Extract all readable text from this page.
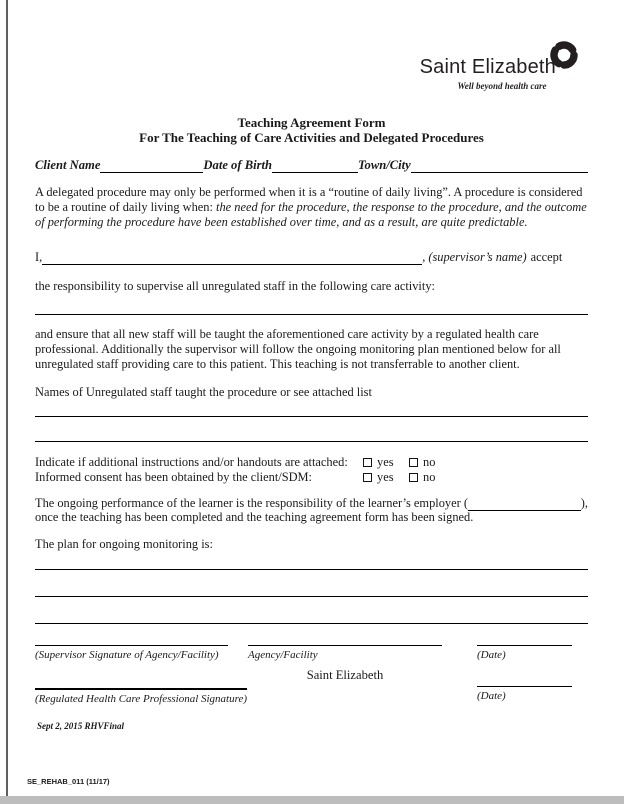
Saint Elizabeth
Well beyond health care
Teaching Agreement Form
For The Teaching of Care Activities and Delegated Procedures
Client Name	Date of Birth	Town/City
A delegated procedure may only be performed when it is a “routine of daily living”. A procedure is considered to be a routine of daily living when: the need for the procedure, the response to the procedure, and the outcome of performing the procedure have been established over time, and as a result, are quite predictable.
I,	, (supervisor’s name) accept
the responsibility to supervise all unregulated staff in the following care activity:
and ensure that all new staff will be taught the aforementioned care activity by a regulated health care professional. Additionally the supervisor will follow the ongoing monitoring plan mentioned below for all unregulated staff providing care to this patient. This teaching is not transferrable to another client.
Names of Unregulated staff taught the procedure or see attached list
Indicate if additional instructions and/or handouts are attached:	yes	no
Informed consent has been obtained by the client/SDM:	yes	no
The ongoing performance of the learner is the responsibility of the learner’s employer (	),
once the teaching has been completed and the teaching agreement form has been signed.
The plan for ongoing monitoring is:
(Supervisor Signature of Agency/Facility)	Agency/Facility	(Date)
Saint Elizabeth
(Regulated Health Care Professional Signature)	(Date)
Sept 2, 2015 RHVFinal
SE_REHAB_011 (11/17)
